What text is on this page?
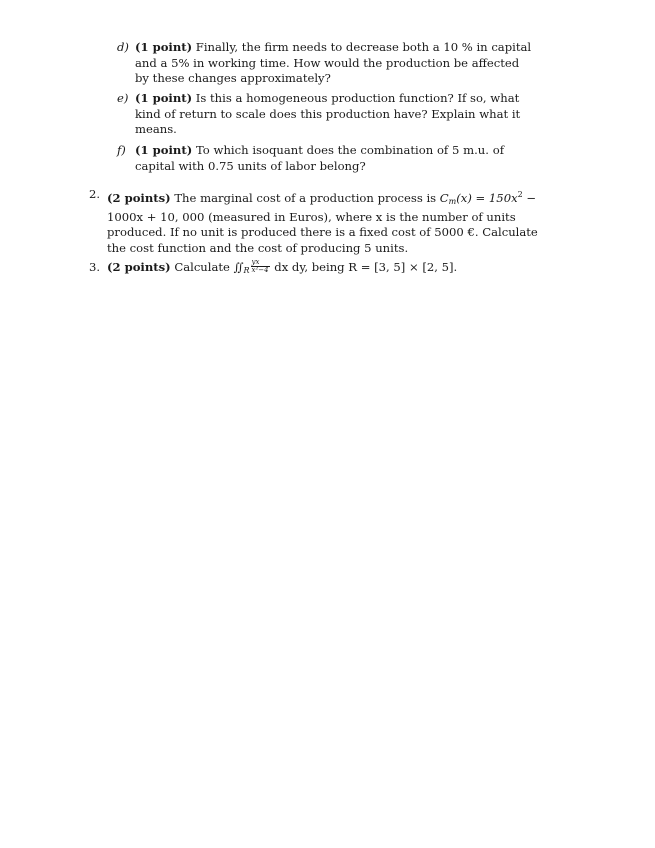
d) (1 point) Finally, the firm needs to decrease both a 10 % in capital
and a 5% in working time. How would the production be affected
by these changes approximately?
e) (1 point) Is this a homogeneous production function? If so, what
kind of return to scale does this production have? Explain what it
means.
f) (1 point) To which isoquant does the combination of 5 m.u. of
capital with 0.75 units of labor belong?
2. (2 points) The marginal cost of a production process is $C_m(x) = 150x^2$ −
1000x + 10, 000 (measured in Euros), where x is the number of units
produced. If no unit is produced there is a fixed cost of 5000 €. Calculate
the cost function and the cost of producing 5 units.
3. (2 points) Calculate $∬_R \frac{yx}{\text{x²−4}}$ dx dy, being R = [3, 5] × [2, 5].
